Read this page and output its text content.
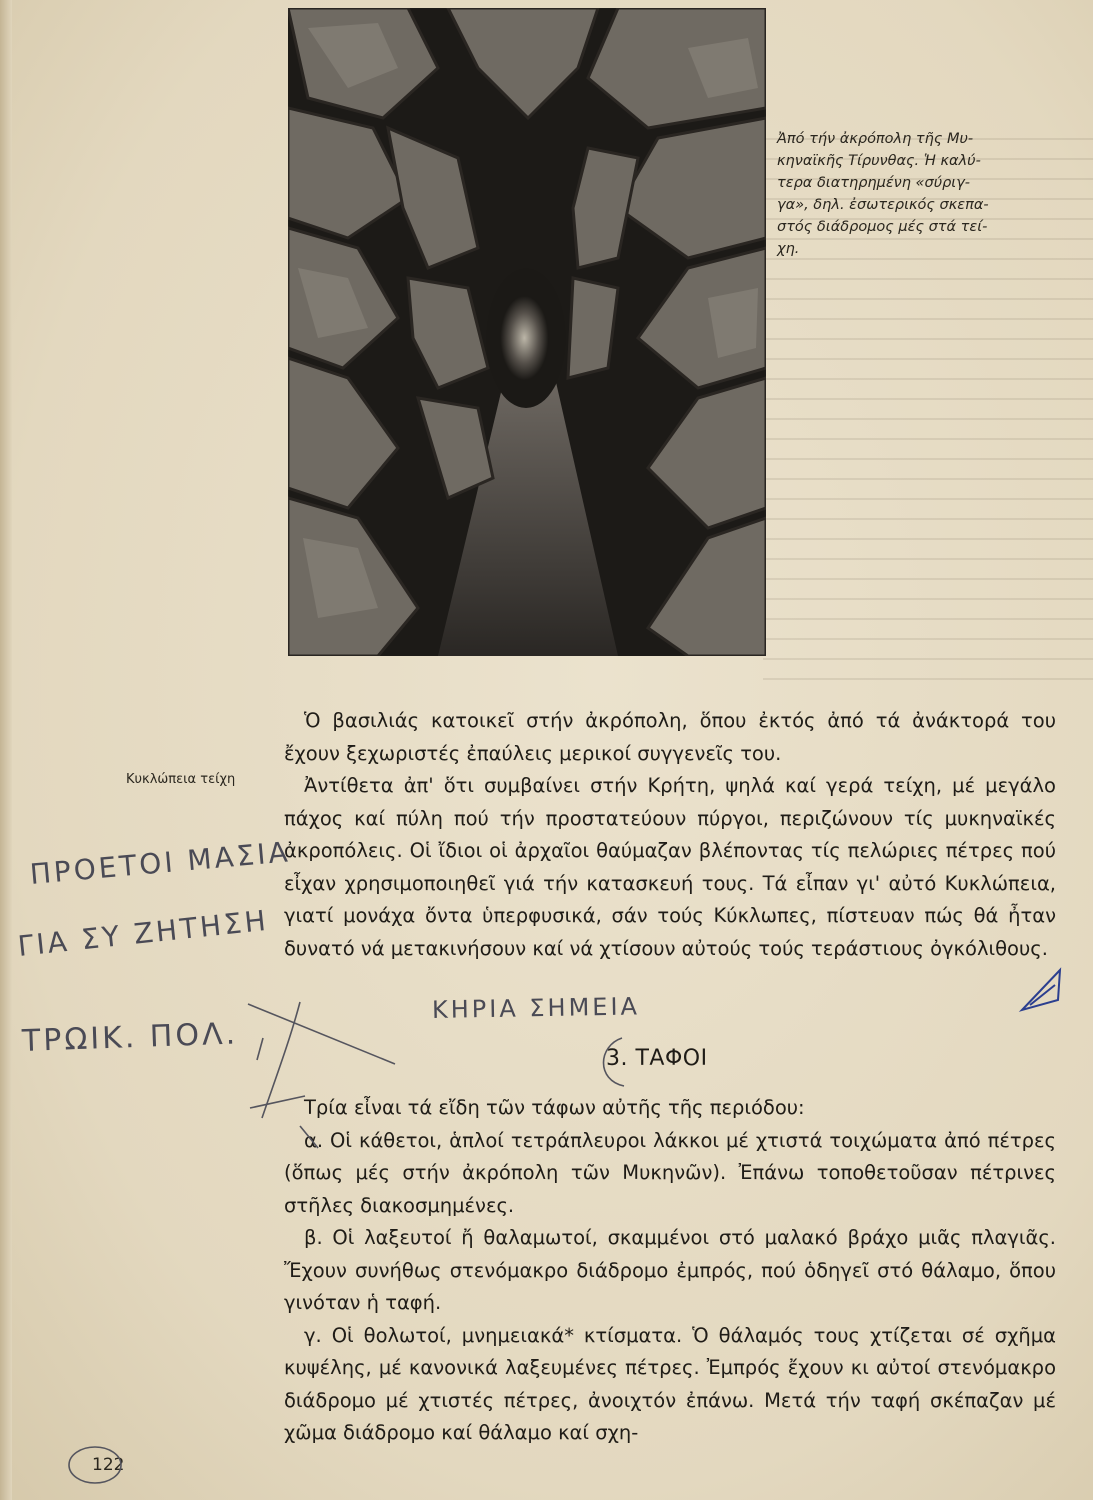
Ἀπό τήν ἀκρόπολη τῆς Μυ-
κηναϊκῆς Τίρυνθας. Ἡ καλύ-
τερα διατηρημένη «σύριγ-
γα», δηλ. ἐσωτερικός σκεπα-
στός διάδρομος μές στά τεί-
χη.
Κυκλώπεια τείχη

Ὁ βασιλιάς κατοικεῖ στήν ἀκρόπολη, ὅπου ἐκτός ἀπό τά ἀνάκτορά του ἔχουν ξεχωριστές ἐπαύλεις μερικοί συγγενεῖς του.

Ἀντίθετα ἀπ' ὅτι συμβαίνει στήν Κρήτη, ψηλά καί γερά τείχη, μέ μεγάλο πάχος καί πύλη πού τήν προστατεύουν πύργοι, περιζώνουν τίς μυκηναϊκές ἀκροπόλεις. Οἱ ἴδιοι οἱ ἀρχαῖοι θαύμαζαν βλέποντας τίς πελώριες πέτρες πού εἶχαν χρησιμοποιηθεῖ γιά τήν κατασκευή τους. Τά εἶπαν γι' αὐτό Κυκλώπεια, γιατί μονάχα ὄντα ὑπερφυσικά, σάν τούς Κύκλωπες, πίστευαν πώς θά ἦταν δυνατό νά μετακινήσουν καί νά χτίσουν αὐτούς τούς τεράστιους ὀγκόλιθους.

3. ΤΑΦΟΙ

Τρία εἶναι τά εἴδη τῶν τάφων αὐτῆς τῆς περιόδου:

α. Οἱ κάθετοι, ἁπλοί τετράπλευροι λάκκοι μέ χτιστά τοιχώματα ἀπό πέτρες (ὅπως μές στήν ἀκρόπολη τῶν Μυκηνῶν). Ἐπάνω τοποθετοῦσαν πέτρινες στῆλες διακοσμημένες.

β. Οἱ λαξευτοί ἤ θαλαμωτοί, σκαμμένοι στό μαλακό βράχο μιᾶς πλαγιᾶς. Ἔχουν συνήθως στενόμακρο διάδρομο ἐμπρός, πού ὁδηγεῖ στό θάλαμο, ὅπου γινόταν ἡ ταφή.

γ. Οἱ θολωτοί, μνημειακά* κτίσματα. Ὁ θάλαμός τους χτίζεται σέ σχῆμα κυψέλης, μέ κανονικά λαξευμένες πέτρες. Ἐμπρός ἔχουν κι αὐτοί στενόμακρο διάδρομο μέ χτιστές πέτρες, ἀνοιχτόν ἐπάνω. Μετά τήν ταφή σκέπαζαν μέ χῶμα διάδρομο καί θάλαμο καί σχη-

122
ΠΡΟΕΤΟΙ ΜΑΣΙΑ
ΓΙΑ ΣΥ ΖΗΤΗΣΗ
ΤΡΩΙΚ. ΠΟΛ.
ΚΗΡΙΑ ΣΗΜΕΙΑ
